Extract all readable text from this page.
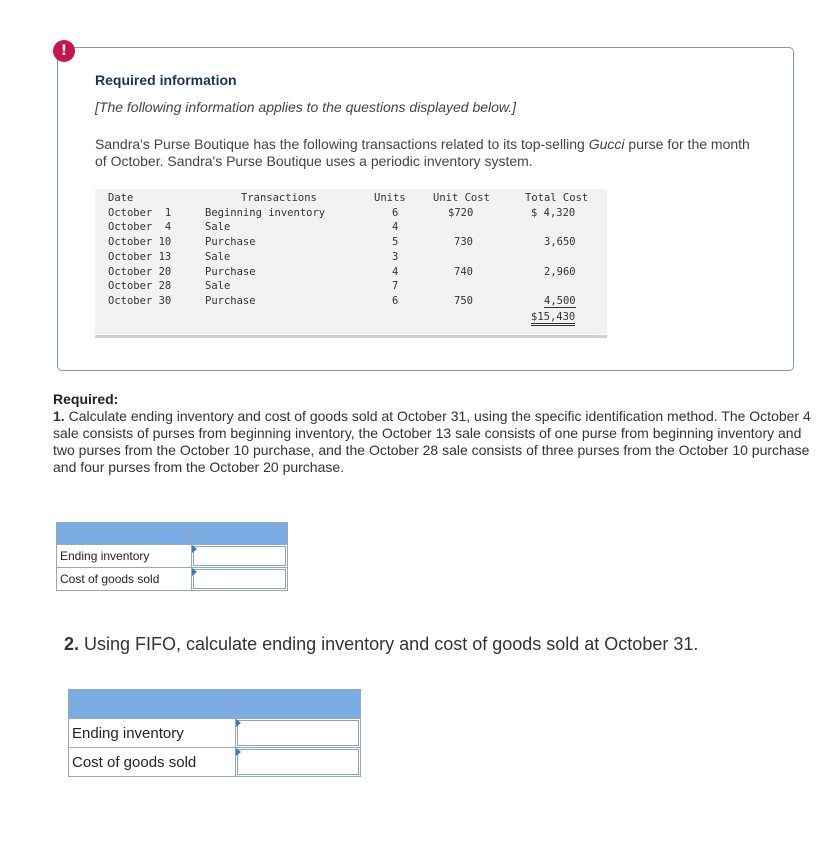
!
Required information
[The following information applies to the questions displayed below.]
Sandra's Purse Boutique has the following transactions related to its top-selling Gucci purse for the month of October. Sandra's Purse Boutique uses a periodic inventory system.
Date	Transactions	Units	Unit Cost	Total Cost
October  1	Beginning inventory	6	$720	$ 4,320
October  4	Sale	4
October 10	Purchase	5	730	3,650
October 13	Sale	3
October 20	Purchase	4	740	2,960
October 28	Sale	7
October 30	Purchase	6	750	4,500
$15,430
Required:
1. Calculate ending inventory and cost of goods sold at October 31, using the specific identification method. The October 4 sale consists of purses from beginning inventory, the October 13 sale consists of one purse from beginning inventory and two purses from the October 10 purchase, and the October 28 sale consists of three purses from the October 10 purchase and four purses from the October 20 purchase.

Ending inventory	

Cost of goods sold	
2. Using FIFO, calculate ending inventory and cost of goods sold at October 31.

Ending inventory	

Cost of goods sold	
